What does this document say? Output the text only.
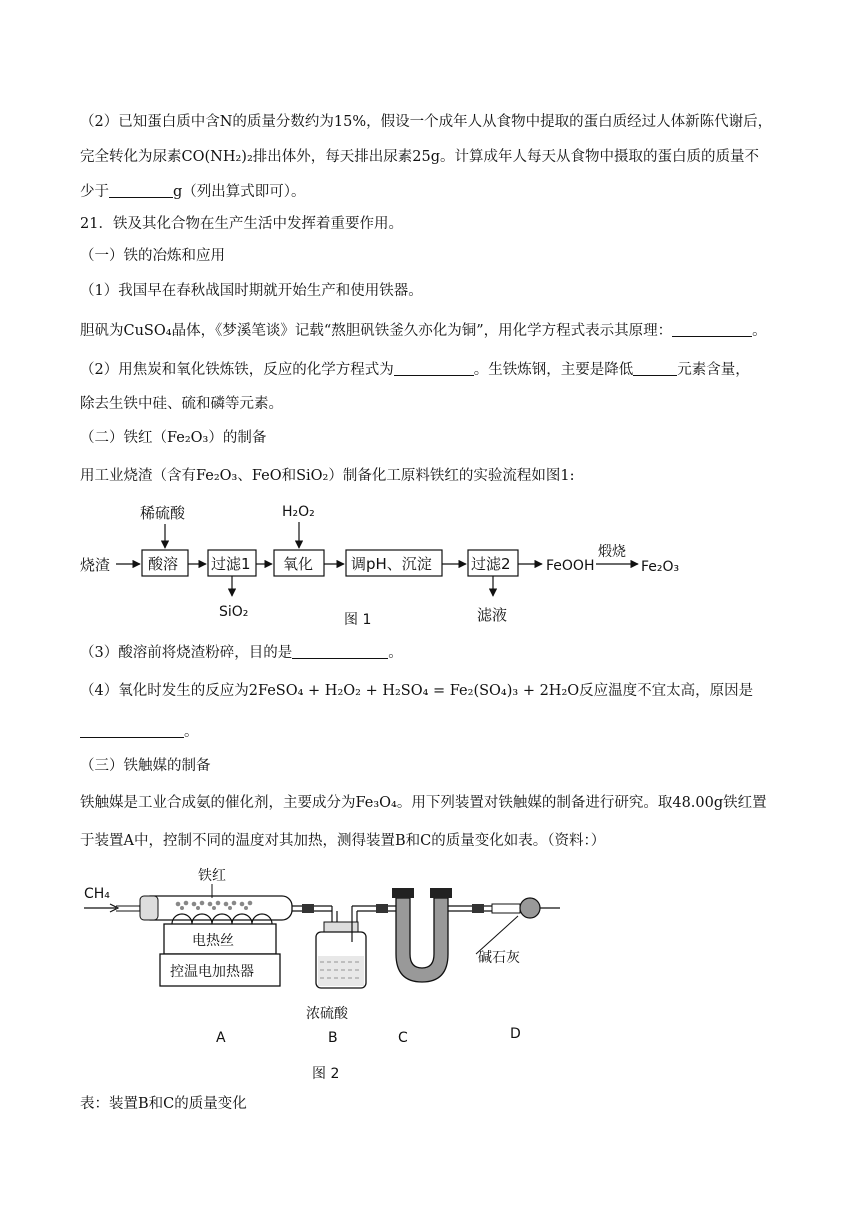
（2）已知蛋白质中含N的质量分数约为15%，假设一个成年人从食物中提取的蛋白质经过人体新陈代谢后，
完全转化为尿素CO(NH₂)₂排出体外，每天排出尿素25g。计算成年人每天从食物中摄取的蛋白质的质量不
少于	g（列出算式即可）。
21．铁及其化合物在生产生活中发挥着重要作用。
（一）铁的冶炼和应用
（1）我国早在春秋战国时期就开始生产和使用铁器。
胆矾为CuSO₄晶体，《梦溪笔谈》记载“熬胆矾铁釜久亦化为铜”，用化学方程式表示其原理：	。
（2）用焦炭和氧化铁炼铁，反应的化学方程式为	。生铁炼钢，主要是降低	元素含量，
除去生铁中硅、硫和磷等元素。
（二）铁红（Fe₂O₃）的制备
用工业烧渣（含有Fe₂O₃、FeO和SiO₂）制备化工原料铁红的实验流程如图1:
烧渣	酸溶
稀硫酸
过滤1
SiO₂
氧化
H₂O₂
调pH、沉淀	过滤2
滤液
FeOOH
煅烧
Fe₂O₃
图 1
（3）酸溶前将烧渣粉碎，目的是	。
（4）氧化时发生的反应为2FeSO₄ + H₂O₂ + H₂SO₄ = Fe₂(SO₄)₃ + 2H₂O反应温度不宜太高，原因是
。
（三）铁触媒的制备
铁触媒是工业合成氨的催化剂，主要成分为Fe₃O₄。用下列装置对铁触媒的制备进行研究。取48.00g铁红置
于装置A中，控制不同的温度对其加热，测得装置B和C的质量变化如表。（资料：）
CH₄
铁红
电热丝
控温电加热器
浓硫酸
碱石灰
A	B	C	D
图 2
表：装置B和C的质量变化
